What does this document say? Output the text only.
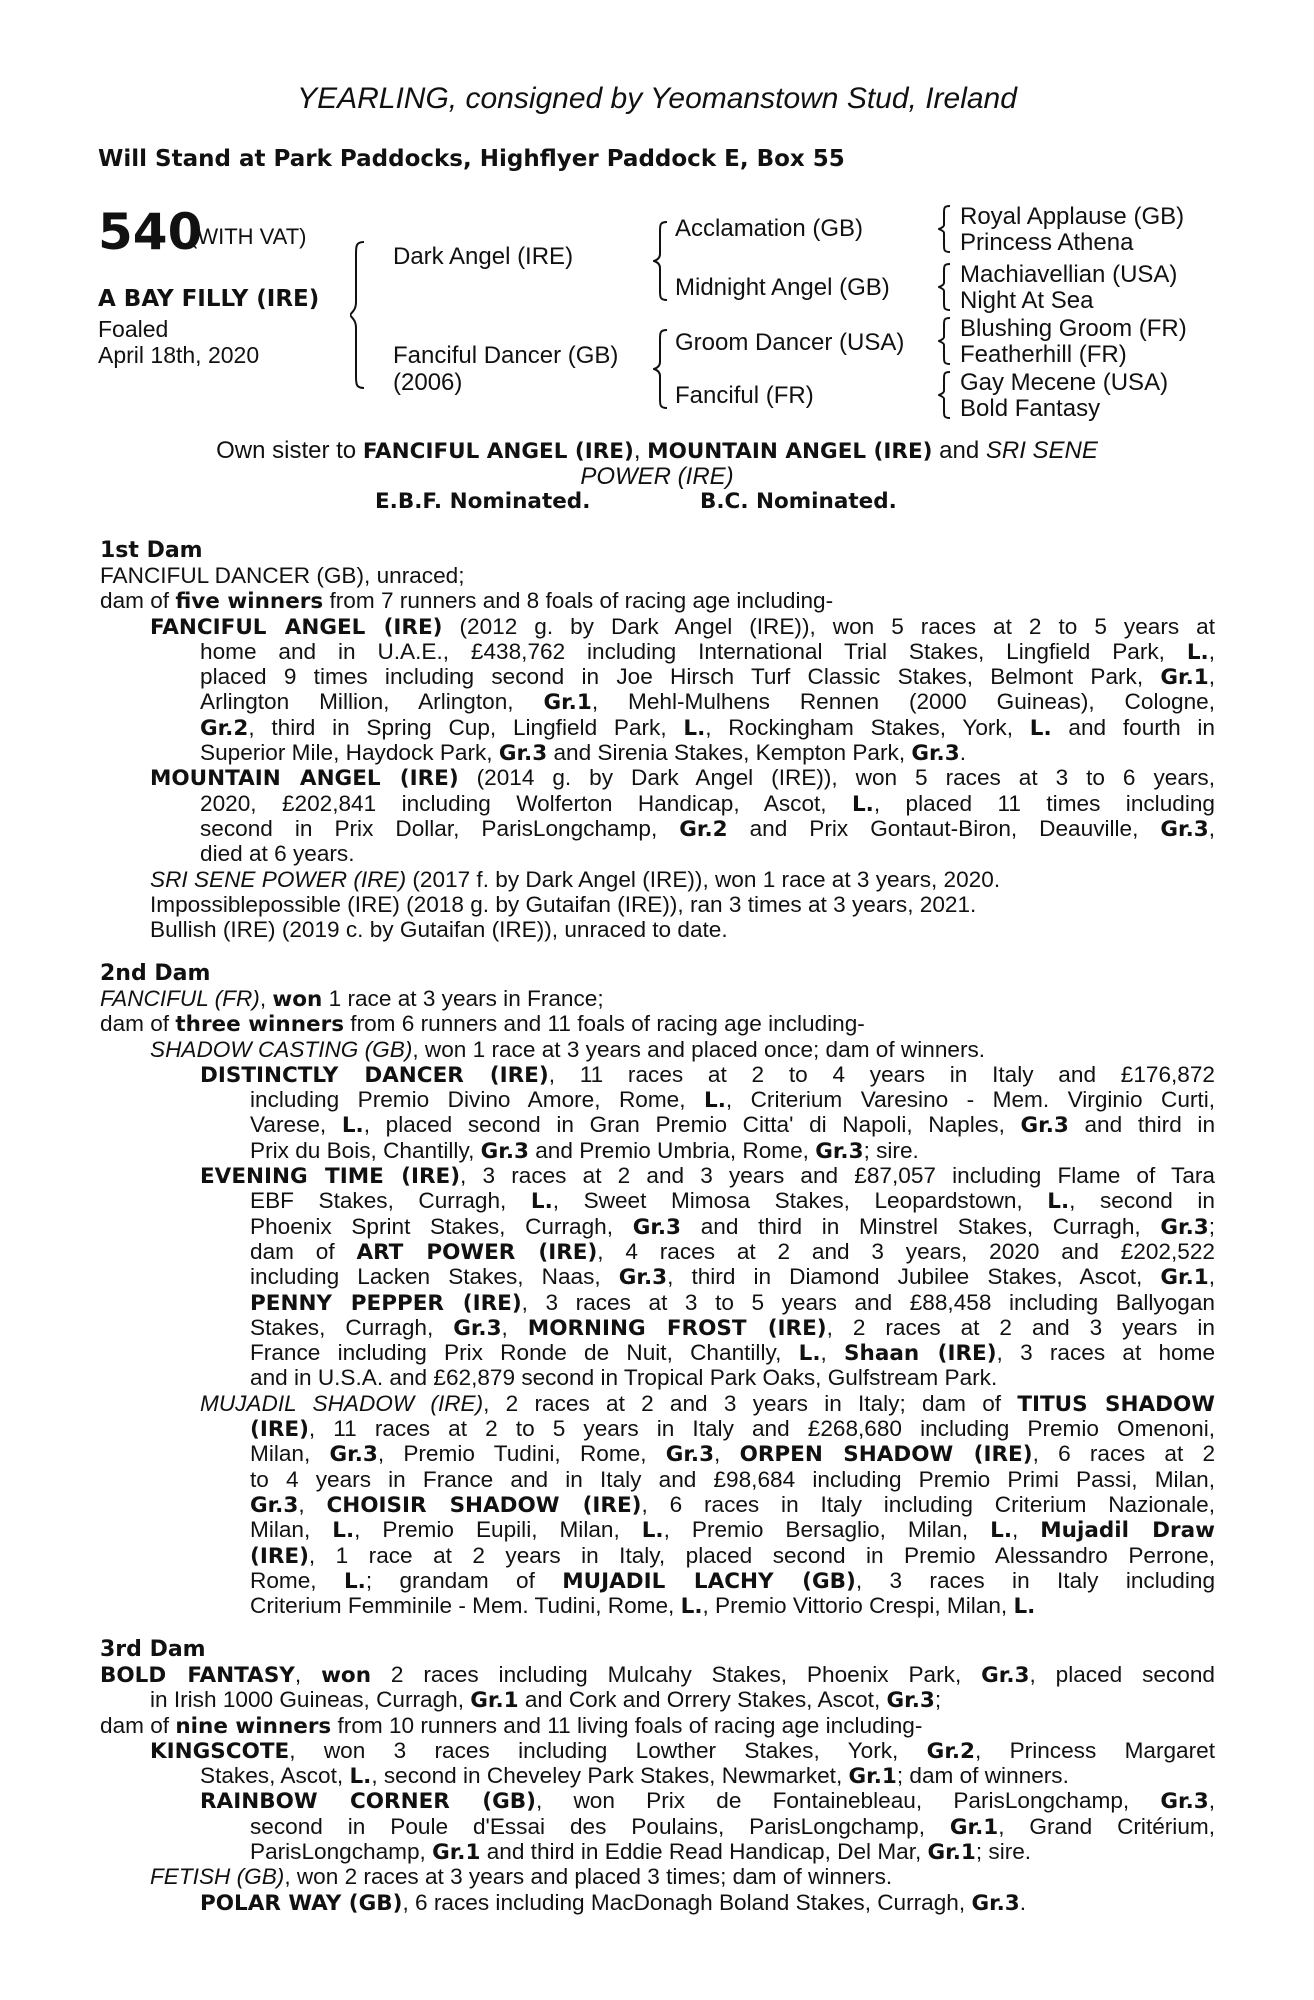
YEARLING, consigned by Yeomanstown Stud, Ireland
Will Stand at Park Paddocks, Highflyer Paddock E, Box 55
540
(WITH VAT)
A BAY FILLY (IRE)
Foaled
April 18th, 2020
Dark Angel (IRE)
Fanciful Dancer (GB)
(2006)
Acclamation (GB)
Midnight Angel (GB)
Groom Dancer (USA)
Fanciful (FR)
Royal Applause (GB)
Princess Athena
Machiavellian (USA)
Night At Sea
Blushing Groom (FR)
Featherhill (FR)
Gay Mecene (USA)
Bold Fantasy
Own sister to FANCIFUL ANGEL (IRE), MOUNTAIN ANGEL (IRE) and SRI SENE
POWER (IRE)
E.B.F. Nominated.	B.C. Nominated.
1st Dam
FANCIFUL DANCER (GB), unraced;
dam of five winners from 7 runners and 8 foals of racing age including-
FANCIFUL ANGEL (IRE) (2012 g. by Dark Angel (IRE)), won 5 races at 2 to 5 years at
home and in U.A.E., £438,762 including International Trial Stakes, Lingfield Park, L.,
placed 9 times including second in Joe Hirsch Turf Classic Stakes, Belmont Park, Gr.1,
Arlington Million, Arlington, Gr.1, Mehl-Mulhens Rennen (2000 Guineas), Cologne,
Gr.2, third in Spring Cup, Lingfield Park, L., Rockingham Stakes, York, L. and fourth in
Superior Mile, Haydock Park, Gr.3 and Sirenia Stakes, Kempton Park, Gr.3.
MOUNTAIN ANGEL (IRE) (2014 g. by Dark Angel (IRE)), won 5 races at 3 to 6 years,
2020, £202,841 including Wolferton Handicap, Ascot, L., placed 11 times including
second in Prix Dollar, ParisLongchamp, Gr.2 and Prix Gontaut-Biron, Deauville, Gr.3,
died at 6 years.
SRI SENE POWER (IRE) (2017 f. by Dark Angel (IRE)), won 1 race at 3 years, 2020.
Impossiblepossible (IRE) (2018 g. by Gutaifan (IRE)), ran 3 times at 3 years, 2021.
Bullish (IRE) (2019 c. by Gutaifan (IRE)), unraced to date.
2nd Dam
FANCIFUL (FR), won 1 race at 3 years in France;
dam of three winners from 6 runners and 11 foals of racing age including-
SHADOW CASTING (GB), won 1 race at 3 years and placed once; dam of winners.
DISTINCTLY DANCER (IRE), 11 races at 2 to 4 years in Italy and £176,872
including Premio Divino Amore, Rome, L., Criterium Varesino - Mem. Virginio Curti,
Varese, L., placed second in Gran Premio Citta' di Napoli, Naples, Gr.3 and third in
Prix du Bois, Chantilly, Gr.3 and Premio Umbria, Rome, Gr.3; sire.
EVENING TIME (IRE), 3 races at 2 and 3 years and £87,057 including Flame of Tara
EBF Stakes, Curragh, L., Sweet Mimosa Stakes, Leopardstown, L., second in
Phoenix Sprint Stakes, Curragh, Gr.3 and third in Minstrel Stakes, Curragh, Gr.3;
dam of ART POWER (IRE), 4 races at 2 and 3 years, 2020 and £202,522
including Lacken Stakes, Naas, Gr.3, third in Diamond Jubilee Stakes, Ascot, Gr.1,
PENNY PEPPER (IRE), 3 races at 3 to 5 years and £88,458 including Ballyogan
Stakes, Curragh, Gr.3, MORNING FROST (IRE), 2 races at 2 and 3 years in
France including Prix Ronde de Nuit, Chantilly, L., Shaan (IRE), 3 races at home
and in U.S.A. and £62,879 second in Tropical Park Oaks, Gulfstream Park.
MUJADIL SHADOW (IRE), 2 races at 2 and 3 years in Italy; dam of TITUS SHADOW
(IRE), 11 races at 2 to 5 years in Italy and £268,680 including Premio Omenoni,
Milan, Gr.3, Premio Tudini, Rome, Gr.3, ORPEN SHADOW (IRE), 6 races at 2
to 4 years in France and in Italy and £98,684 including Premio Primi Passi, Milan,
Gr.3, CHOISIR SHADOW (IRE), 6 races in Italy including Criterium Nazionale,
Milan, L., Premio Eupili, Milan, L., Premio Bersaglio, Milan, L., Mujadil Draw
(IRE), 1 race at 2 years in Italy, placed second in Premio Alessandro Perrone,
Rome, L.; grandam of MUJADIL LACHY (GB), 3 races in Italy including
Criterium Femminile - Mem. Tudini, Rome, L., Premio Vittorio Crespi, Milan, L.
3rd Dam
BOLD FANTASY, won 2 races including Mulcahy Stakes, Phoenix Park, Gr.3, placed second
in Irish 1000 Guineas, Curragh, Gr.1 and Cork and Orrery Stakes, Ascot, Gr.3;
dam of nine winners from 10 runners and 11 living foals of racing age including-
KINGSCOTE, won 3 races including Lowther Stakes, York, Gr.2, Princess Margaret
Stakes, Ascot, L., second in Cheveley Park Stakes, Newmarket, Gr.1; dam of winners.
RAINBOW CORNER (GB), won Prix de Fontainebleau, ParisLongchamp, Gr.3,
second in Poule d'Essai des Poulains, ParisLongchamp, Gr.1, Grand Critérium,
ParisLongchamp, Gr.1 and third in Eddie Read Handicap, Del Mar, Gr.1; sire.
FETISH (GB), won 2 races at 3 years and placed 3 times; dam of winners.
POLAR WAY (GB), 6 races including MacDonagh Boland Stakes, Curragh, Gr.3.
